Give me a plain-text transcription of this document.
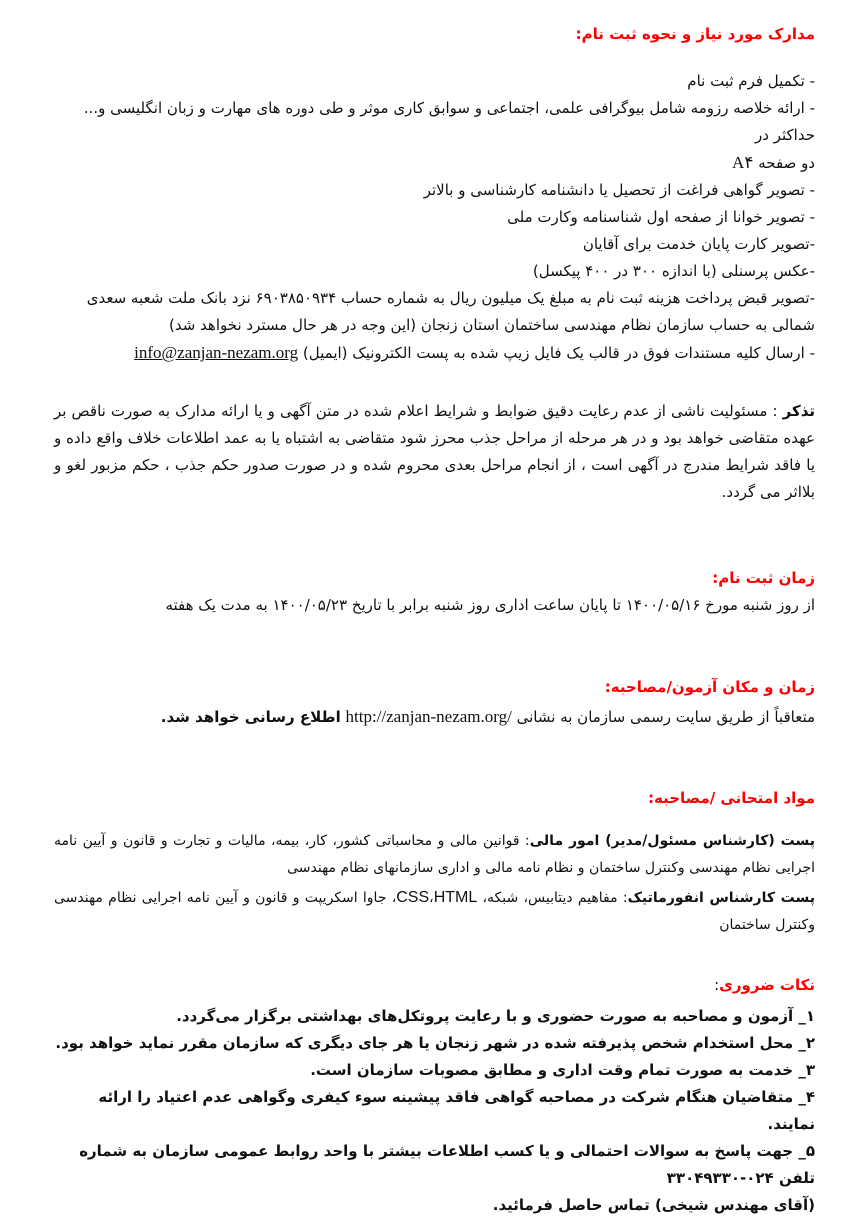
مدارک مورد نیاز و نحوه ثبت نام:
- تکمیل فرم ثبت نام
- ارائه خلاصه رزومه شامل بیوگرافی علمی، اجتماعی و سوابق کاری موثر و طی دوره های مهارت و زبان انگلیسی و... حداکثر در
دو صفحه A۴
- تصویر گواهی فراغت از تحصیل یا دانشنامه کارشناسی و بالاتر
- تصویر خوانا از صفحه اول شناسنامه وکارت ملی
-تصویر کارت پایان خدمت برای آقایان
-عکس پرسنلی (با اندازه ۳۰۰ در ۴۰۰ پیکسل)
-تصویر قبض پرداخت هزینه ثبت نام به مبلغ یک میلیون ریال به شماره حساب ۶۹۰۳۸۵۰۹۳۴ نزد بانک ملت شعبه سعدی
شمالی به حساب سازمان نظام مهندسی ساختمان استان زنجان (این وجه در هر حال مسترد نخواهد شد)
- ارسال کلیه مستندات فوق در قالب یک فایل زیپ شده به پست الکترونیک (ایمیل) info@zanjan-nezam.org
تذکر : مسئولیت ناشی از عدم رعایت دقیق ضوابط و شرایط اعلام شده در متن آگهی و یا ارائه مدارک به صورت ناقص بر عهده متقاضی خواهد بود و در هر مرحله از مراحل جذب محرز شود متقاضی به اشتباه یا به عمد اطلاعات خلاف واقع داده و یا فاقد شرایط مندرج در آگهی است ، از انجام مراحل بعدی محروم شده و در صورت صدور حکم جذب ، حکم مزبور لغو و بلااثر می گردد.
زمان ثبت نام:
از روز شنبه مورخ ۱۴۰۰/۰۵/۱۶ تا پایان ساعت اداری روز شنبه برابر با تاریخ ۱۴۰۰/۰۵/۲۳ به مدت یک هفته
زمان و مکان آزمون/مصاحبه:
متعاقباً از طریق سایت رسمی سازمان به نشانی http://zanjan-nezam.org/ اطلاع رسانی خواهد شد.
مواد امتحانی /مصاحبه:
پست (کارشناس مسئول/مدیر) امور مالی: قوانین مالی و محاسباتی کشور، کار، بیمه، مالیات و تجارت و قانون و آیین نامه اجرایی نظام مهندسی وکنترل ساختمان و نظام نامه مالی و اداری سازمانهای نظام مهندسی
پست کارشناس انفورماتیک: مفاهیم دیتابیس، شبکه، HTML،CSS، جاوا اسکریپت و قانون و آیین نامه اجرایی نظام مهندسی وکنترل ساختمان
نکات ضروری:
۱_ آزمون و مصاحبه به صورت حضوری و با رعایت پروتکل‌های بهداشتی برگزار می‌گردد.
۲_ محل استخدام شخص پذیرفته شده در شهر زنجان یا هر جای دیگری که سازمان مقرر نماید خواهد بود.
۳_ خدمت به صورت تمام وقت اداری و مطابق مصوبات سازمان است.
۴_ متقاضیان هنگام شرکت در مصاحبه گواهی فاقد پیشینه سوء کیفری وگواهی عدم اعتیاد را ارائه نمایند.
۵_ جهت پاسخ به سوالات احتمالی و یا کسب اطلاعات بیشتر با واحد روابط عمومی سازمان به شماره تلفن ۰۲۴-۳۳۰۴۹۳۳۰
(آقای مهندس شیخی) تماس حاصل فرمائید.
